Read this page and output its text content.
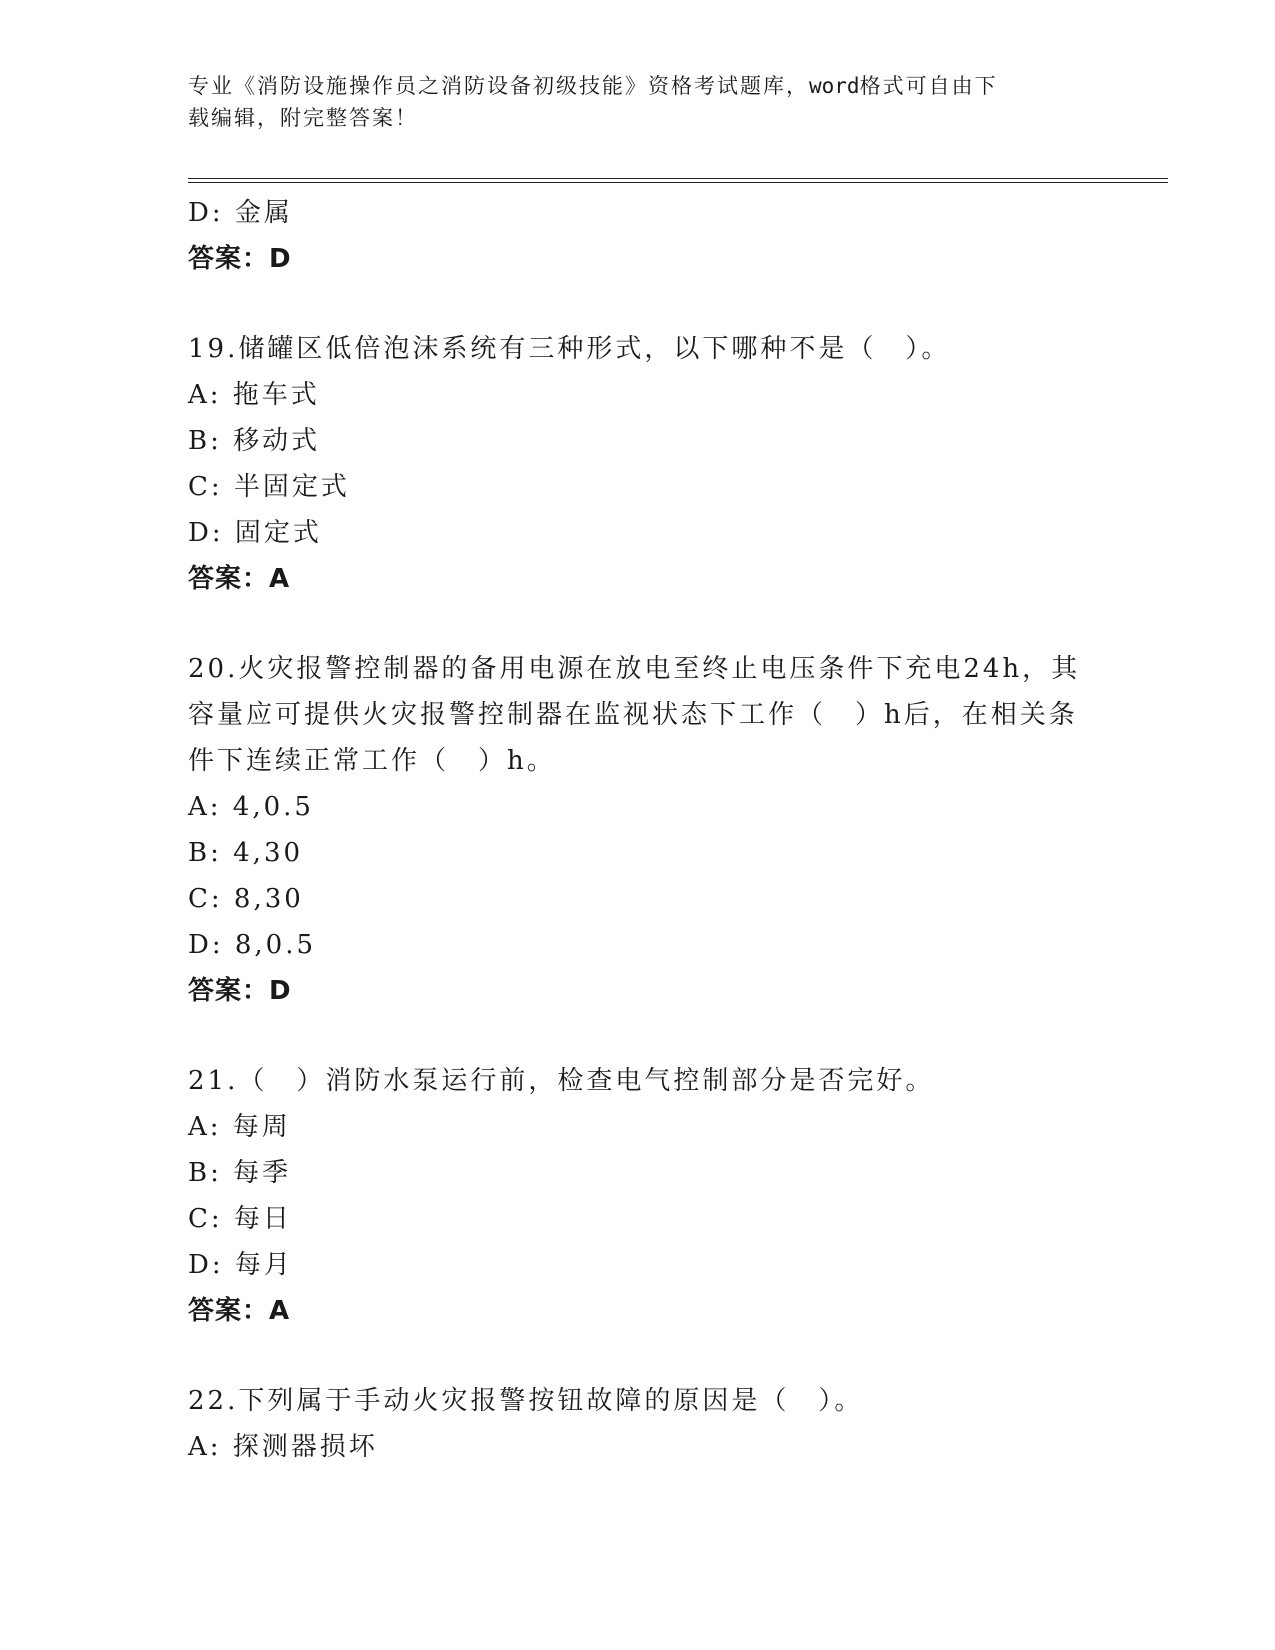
专业《消防设施操作员之消防设备初级技能》资格考试题库，word格式可自由下
载编辑，附完整答案！
D: 金属
答案：D
19.储罐区低倍泡沫系统有三种形式，以下哪种不是（　）。
A: 拖车式
B: 移动式
C: 半固定式
D: 固定式
答案：A
20.火灾报警控制器的备用电源在放电至终止电压条件下充电24h，其
容量应可提供火灾报警控制器在监视状态下工作（　）h后，在相关条
件下连续正常工作（　）h。
A: 4,0.5
B: 4,30
C: 8,30
D: 8,0.5
答案：D
21.（　）消防水泵运行前，检查电气控制部分是否完好。
A: 每周
B: 每季
C: 每日
D: 每月
答案：A
22.下列属于手动火灾报警按钮故障的原因是（　）。
A: 探测器损坏
